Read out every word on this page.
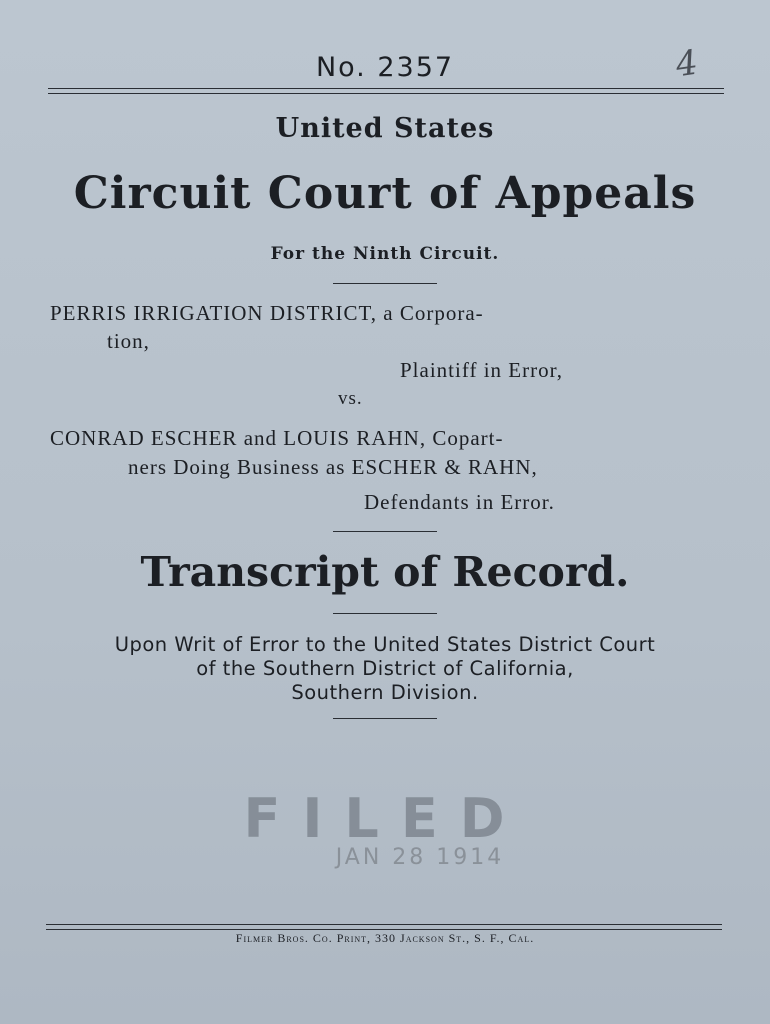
No. 2357	4
United States
Circuit Court of Appeals
For the Ninth Circuit.
PERRIS IRRIGATION DISTRICT, a Corpora-
tion,
Plaintiff in Error,
vs.
CONRAD ESCHER and LOUIS RAHN, Copart-
ners Doing Business as ESCHER & RAHN,
Defendants in Error.
Transcript of Record.
Upon Writ of Error to the United States District Court
of the Southern District of California,
Southern Division.
FILED
JAN 28 1914
Filmer Bros. Co. Print, 330 Jackson St., S. F., Cal.
